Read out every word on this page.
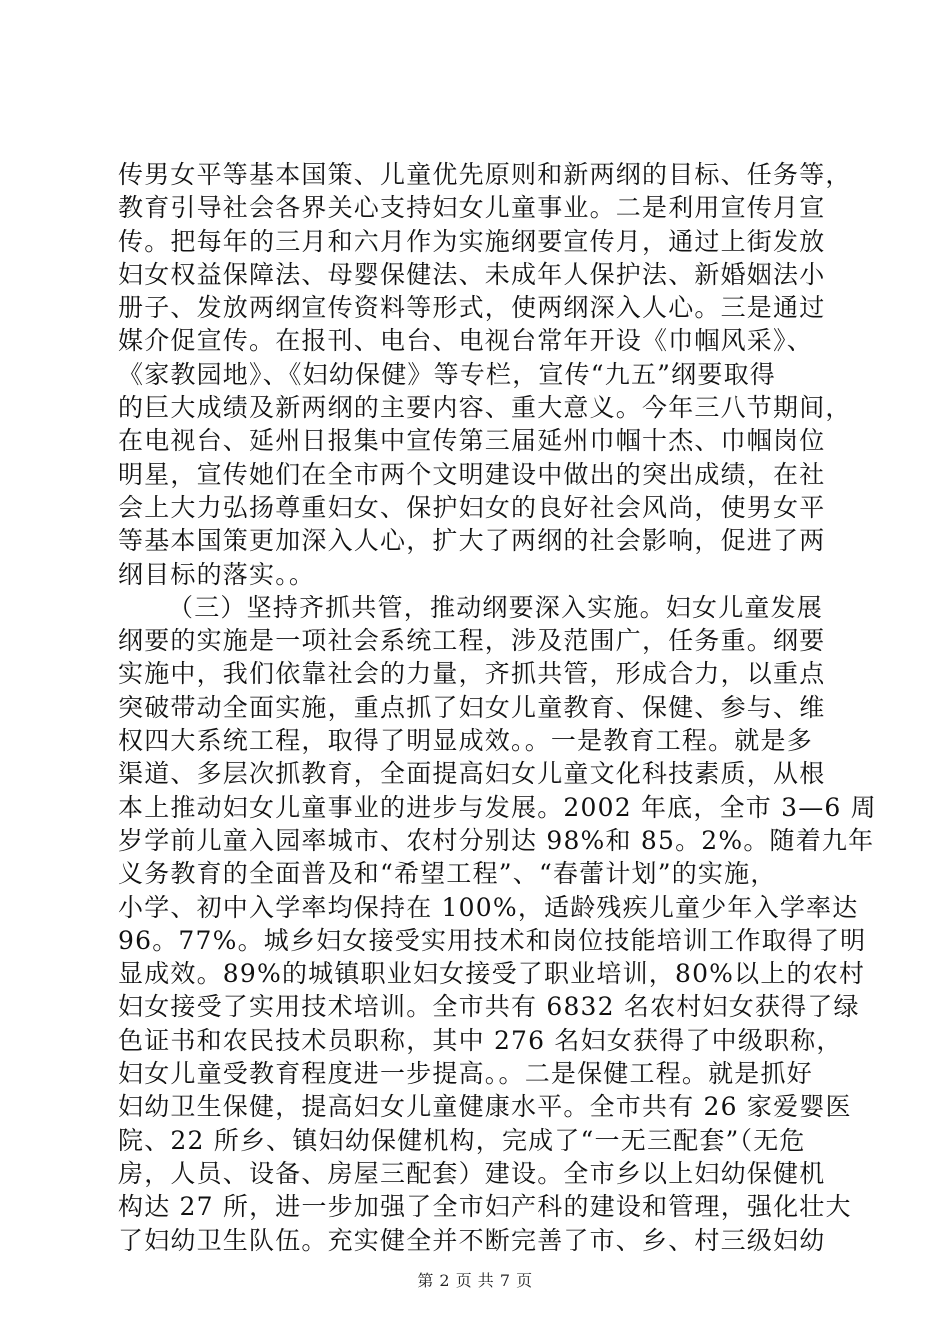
传男女平等基本国策、儿童优先原则和新两纲的目标、任务等，
教育引导社会各界关心支持妇女儿童事业。二是利用宣传月宣
传。把每年的三月和六月作为实施纲要宣传月，通过上街发放
妇女权益保障法、母婴保健法、未成年人保护法、新婚姻法小
册子、发放两纲宣传资料等形式，使两纲深入人心。三是通过
媒介促宣传。在报刊、电台、电视台常年开设《巾帼风采》、
《家教园地》、《妇幼保健》等专栏，宣传“九五”纲要取得
的巨大成绩及新两纲的主要内容、重大意义。今年三八节期间，
在电视台、延州日报集中宣传第三届延州巾帼十杰、巾帼岗位
明星，宣传她们在全市两个文明建设中做出的突出成绩，在社
会上大力弘扬尊重妇女、保护妇女的良好社会风尚，使男女平
等基本国策更加深入人心，扩大了两纲的社会影响，促进了两
纲目标的落实。。
（三）坚持齐抓共管，推动纲要深入实施。妇女儿童发展
纲要的实施是一项社会系统工程，涉及范围广，任务重。纲要
实施中，我们依靠社会的力量，齐抓共管，形成合力，以重点
突破带动全面实施，重点抓了妇女儿童教育、保健、参与、维
权四大系统工程，取得了明显成效。。一是教育工程。就是多
渠道、多层次抓教育，全面提高妇女儿童文化科技素质，从根
本上推动妇女儿童事业的进步与发展。2002 年底，全市 3—6 周
岁学前儿童入园率城市、农村分别达 98%和 85。2%。随着九年
义务教育的全面普及和“希望工程”、“春蕾计划”的实施，
小学、初中入学率均保持在 100%，适龄残疾儿童少年入学率达
96。77%。城乡妇女接受实用技术和岗位技能培训工作取得了明
显成效。89%的城镇职业妇女接受了职业培训，80%以上的农村
妇女接受了实用技术培训。全市共有 6832 名农村妇女获得了绿
色证书和农民技术员职称，其中 276 名妇女获得了中级职称，
妇女儿童受教育程度进一步提高。。二是保健工程。就是抓好
妇幼卫生保健，提高妇女儿童健康水平。全市共有 26 家爱婴医
院、22 所乡、镇妇幼保健机构，完成了“一无三配套”（无危
房，人员、设备、房屋三配套）建设。全市乡以上妇幼保健机
构达 27 所，进一步加强了全市妇产科的建设和管理，强化壮大
了妇幼卫生队伍。充实健全并不断完善了市、乡、村三级妇幼
第 2 页 共 7 页
